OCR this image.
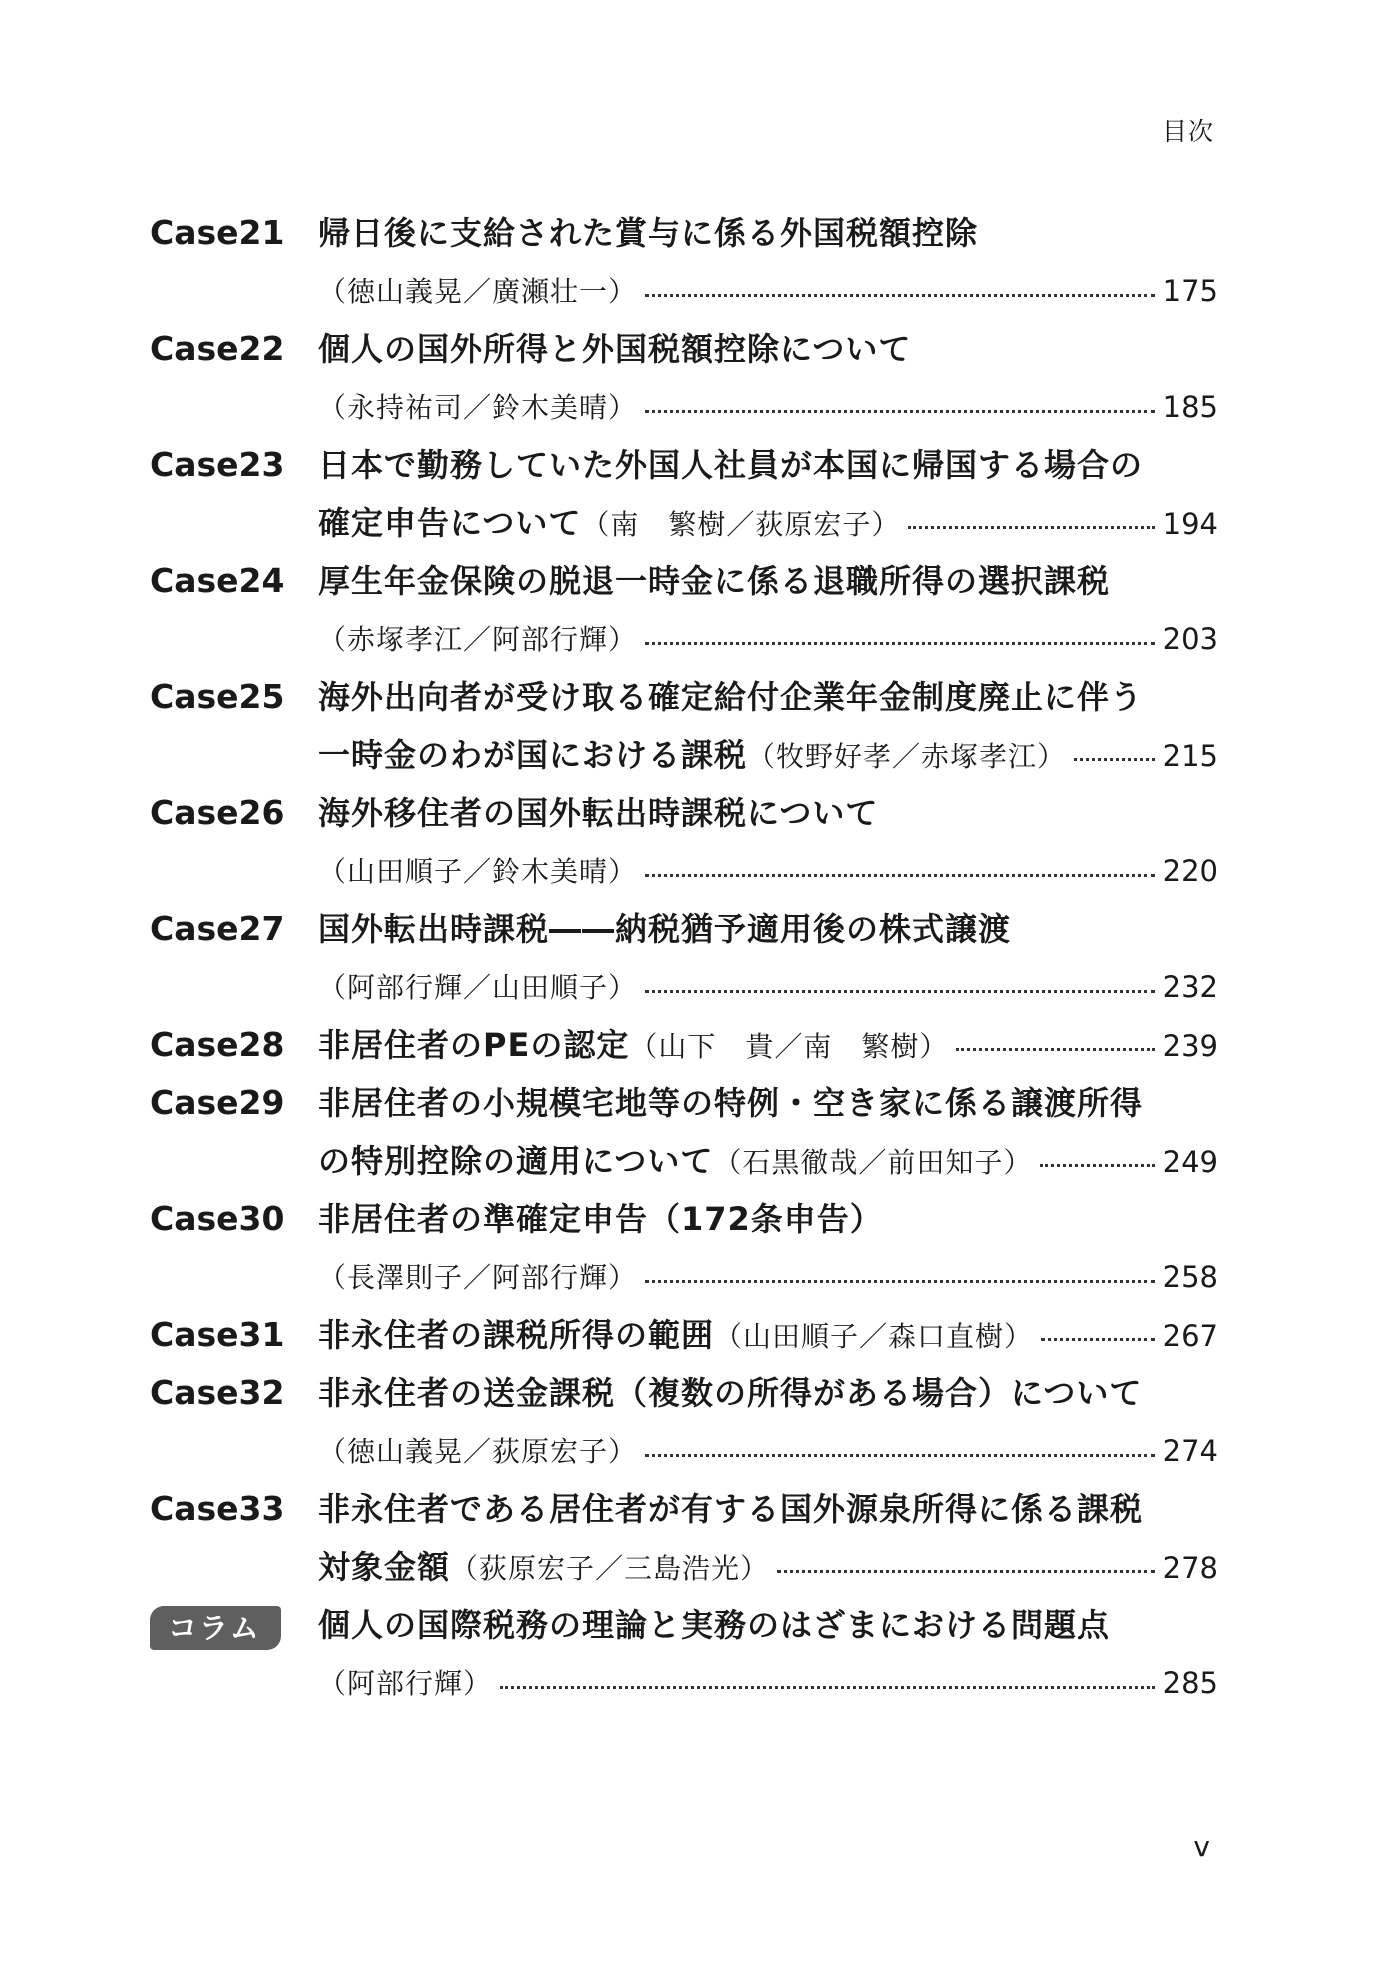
目次
Case21	帰日後に支給された賞与に係る外国税額控除
（徳山義晃／廣瀬壮一）	175
Case22	個人の国外所得と外国税額控除について
（永持祐司／鈴木美晴）	185
Case23	日本で勤務していた外国人社員が本国に帰国する場合の
確定申告について （南　繁樹／荻原宏子）	194
Case24	厚生年金保険の脱退一時金に係る退職所得の選択課税
（赤塚孝江／阿部行輝）	203
Case25	海外出向者が受け取る確定給付企業年金制度廃止に伴う
一時金のわが国における課税 （牧野好孝／赤塚孝江）	215
Case26	海外移住者の国外転出時課税について
（山田順子／鈴木美晴）	220
Case27	国外転出時課税――納税猶予適用後の株式譲渡
（阿部行輝／山田順子）	232
Case28	非居住者のPEの認定 （山下　貴／南　繁樹）	239
Case29	非居住者の小規模宅地等の特例・空き家に係る譲渡所得
の特別控除の適用について （石黒徹哉／前田知子）	249
Case30	非居住者の準確定申告（172条申告）
（長澤則子／阿部行輝）	258
Case31	非永住者の課税所得の範囲 （山田順子／森口直樹）	267
Case32	非永住者の送金課税（複数の所得がある場合）について
（徳山義晃／荻原宏子）	274
Case33	非永住者である居住者が有する国外源泉所得に係る課税
対象金額 （荻原宏子／三島浩光）	278
コラム	個人の国際税務の理論と実務のはざまにおける問題点
（阿部行輝）	285
v
